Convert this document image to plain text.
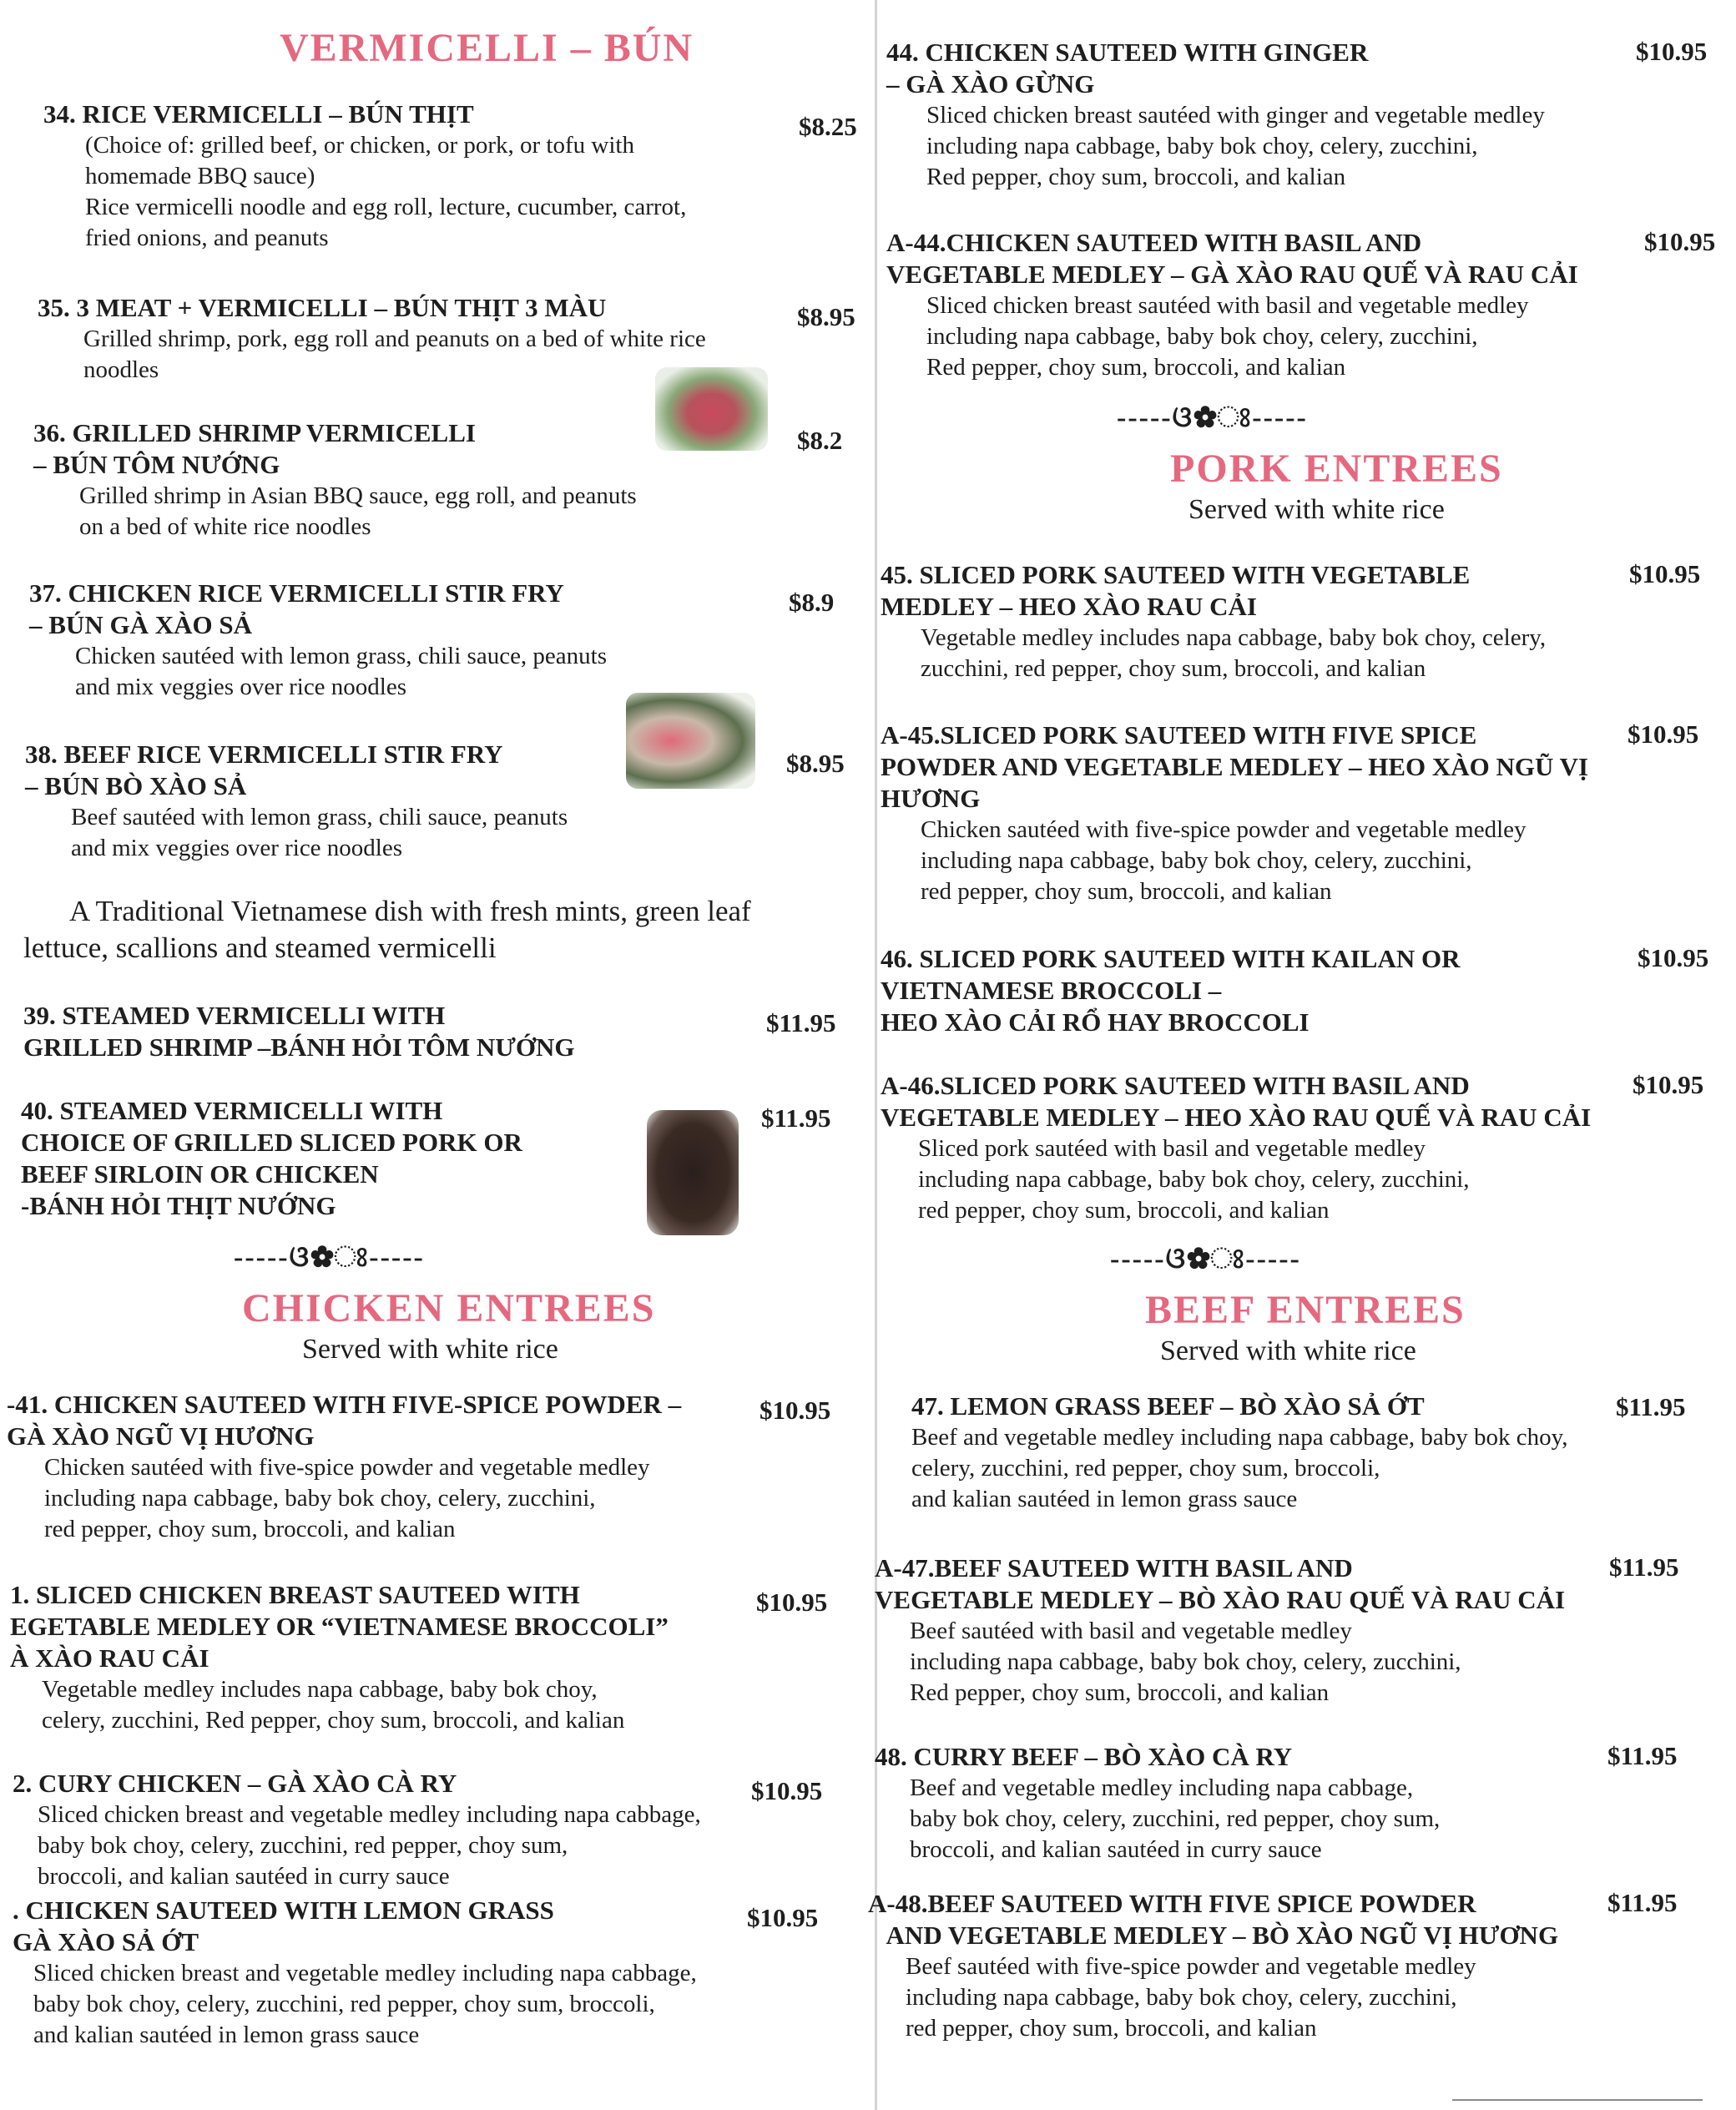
VERMICELLI – BÚN
34. RICE VERMICELLI – BÚN THỊT
(Choice of: grilled beef, or chicken, or pork, or tofu with
homemade BBQ sauce)
Rice vermicelli noodle and egg roll, lecture, cucumber, carrot,
fried onions, and peanuts
$8.25
35. 3 MEAT + VERMICELLI – BÚN THỊT 3 MÀU
Grilled shrimp, pork, egg roll and peanuts on a bed of white rice
noodles
$8.95
36. GRILLED SHRIMP VERMICELLI
– BÚN TÔM NƯỚNG
Grilled shrimp in Asian BBQ sauce, egg roll, and peanuts
on a bed of white rice noodles
$8.2
37. CHICKEN RICE VERMICELLI STIR FRY
– BÚN GÀ XÀO SẢ
Chicken sautéed with lemon grass, chili sauce, peanuts
and mix veggies over rice noodles
$8.9
38. BEEF RICE VERMICELLI STIR FRY
– BÚN BÒ XÀO SẢ
Beef sautéed with lemon grass, chili sauce, peanuts
and mix veggies over rice noodles
$8.95
A Traditional Vietnamese dish with fresh mints, green leaf
lettuce, scallions and steamed vermicelli
39. STEAMED VERMICELLI WITH
GRILLED SHRIMP –BÁNH HỎI TÔM NƯỚNG
$11.95
40. STEAMED VERMICELLI WITH
CHOICE OF GRILLED SLICED PORK OR
BEEF SIRLOIN OR CHICKEN
-BÁNH HỎI THỊT NƯỚNG
$11.95
-----ଓ✿ଃ-----
CHICKEN ENTREES
Served with white rice
-41. CHICKEN SAUTEED WITH FIVE-SPICE POWDER –
GÀ XÀO NGŨ VỊ HƯƠNG
Chicken sautéed with five-spice powder and vegetable medley
including napa cabbage, baby bok choy, celery, zucchini,
red pepper, choy sum, broccoli, and kalian
$10.95
1. SLICED CHICKEN BREAST SAUTEED WITH
EGETABLE MEDLEY OR “VIETNAMESE BROCCOLI”
À XÀO RAU CẢI
Vegetable medley includes napa cabbage, baby bok choy,
celery, zucchini, Red pepper, choy sum, broccoli, and kalian
$10.95
2. CURY CHICKEN – GÀ XÀO CÀ RY
Sliced chicken breast and vegetable medley including napa cabbage,
baby bok choy, celery, zucchini, red pepper, choy sum,
broccoli, and kalian sautéed in curry sauce
$10.95
. CHICKEN SAUTEED WITH LEMON GRASS
GÀ XÀO SẢ ỚT
Sliced chicken breast and vegetable medley including napa cabbage,
baby bok choy, celery, zucchini, red pepper, choy sum, broccoli,
and kalian sautéed in lemon grass sauce
$10.95
44. CHICKEN SAUTEED WITH GINGER
– GÀ XÀO GỪNG
Sliced chicken breast sautéed with ginger and vegetable medley
including napa cabbage, baby bok choy, celery, zucchini,
Red pepper, choy sum, broccoli, and kalian
$10.95
A-44.CHICKEN SAUTEED WITH BASIL AND
VEGETABLE MEDLEY – GÀ XÀO RAU QUẾ VÀ RAU CẢI
Sliced chicken breast sautéed with basil and vegetable medley
including napa cabbage, baby bok choy, celery, zucchini,
Red pepper, choy sum, broccoli, and kalian
$10.95
-----ଓ✿ଃ-----
PORK ENTREES
Served with white rice
45. SLICED PORK SAUTEED WITH VEGETABLE
MEDLEY – HEO XÀO RAU CẢI
Vegetable medley includes napa cabbage, baby bok choy, celery,
zucchini, red pepper, choy sum, broccoli, and kalian
$10.95
A-45.SLICED PORK SAUTEED WITH FIVE SPICE
POWDER AND VEGETABLE MEDLEY – HEO XÀO NGŨ VỊ
HƯƠNG
Chicken sautéed with five-spice powder and vegetable medley
including napa cabbage, baby bok choy, celery, zucchini,
red pepper, choy sum, broccoli, and kalian
$10.95
46. SLICED PORK SAUTEED WITH KAILAN OR
VIETNAMESE BROCCOLI –
HEO XÀO CẢI RỔ HAY BROCCOLI
$10.95
A-46.SLICED PORK SAUTEED WITH BASIL AND
VEGETABLE MEDLEY – HEO XÀO RAU QUẾ VÀ RAU CẢI
Sliced pork sautéed with basil and vegetable medley
including napa cabbage, baby bok choy, celery, zucchini,
red pepper, choy sum, broccoli, and kalian
$10.95
-----ଓ✿ଃ-----
BEEF ENTREES
Served with white rice
47. LEMON GRASS BEEF – BÒ XÀO SẢ ỚT
Beef and vegetable medley including napa cabbage, baby bok choy,
celery, zucchini, red pepper, choy sum, broccoli,
and kalian sautéed in lemon grass sauce
$11.95
A-47.BEEF SAUTEED WITH BASIL AND
VEGETABLE MEDLEY – BÒ XÀO RAU QUẾ VÀ RAU CẢI
Beef sautéed with basil and vegetable medley
including napa cabbage, baby bok choy, celery, zucchini,
Red pepper, choy sum, broccoli, and kalian
$11.95
48. CURRY BEEF – BÒ XÀO CÀ RY
Beef and vegetable medley including napa cabbage,
baby bok choy, celery, zucchini, red pepper, choy sum,
broccoli, and kalian sautéed in curry sauce
$11.95
A-48.BEEF SAUTEED WITH FIVE SPICE POWDER
AND VEGETABLE MEDLEY – BÒ XÀO NGŨ VỊ HƯƠNG
Beef sautéed with five-spice powder and vegetable medley
including napa cabbage, baby bok choy, celery, zucchini,
red pepper, choy sum, broccoli, and kalian
$11.95
